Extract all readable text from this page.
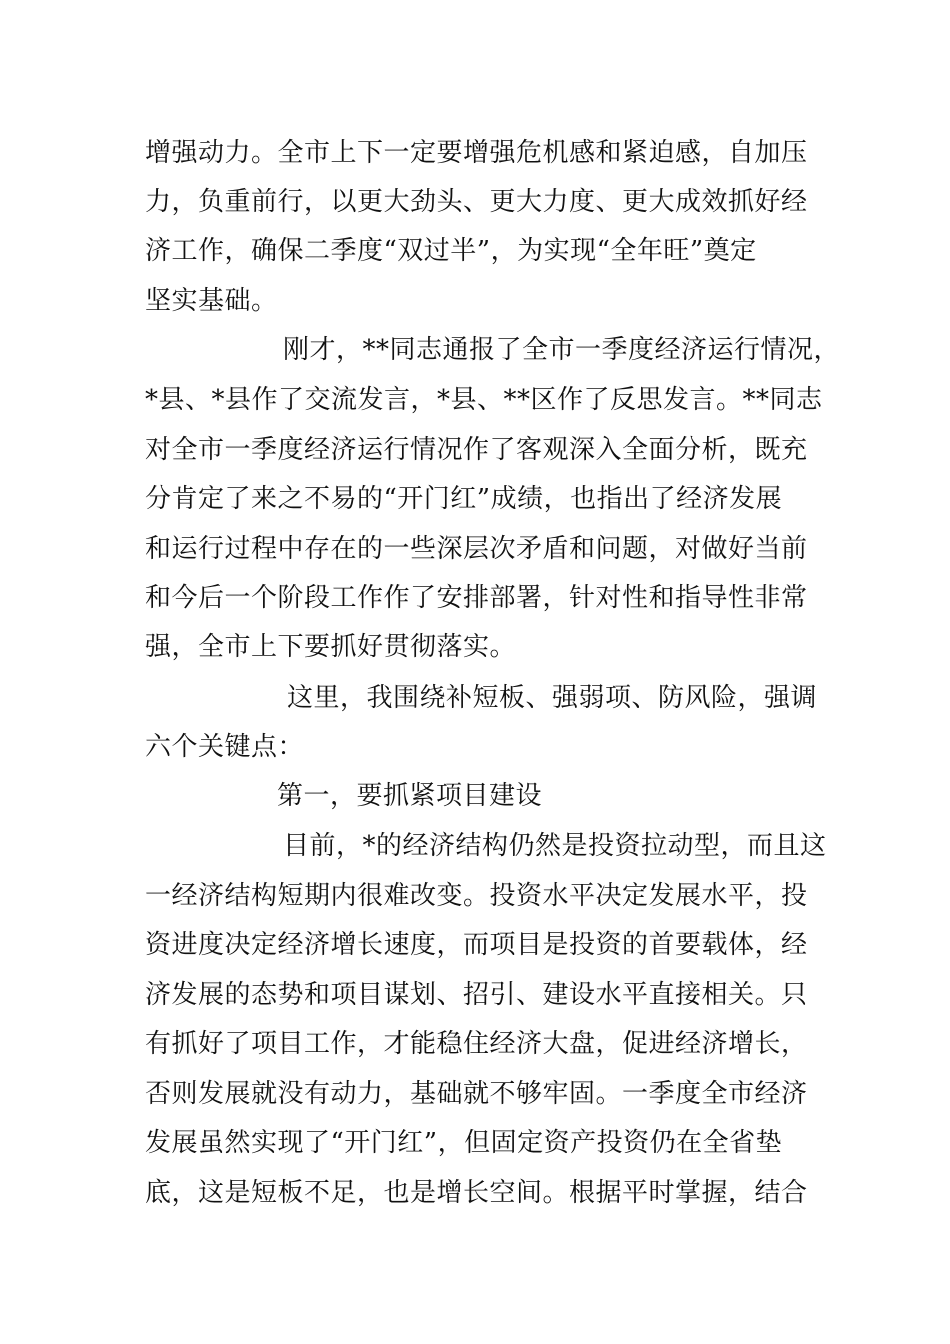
增强动力。全市上下一定要增强危机感和紧迫感，自加压
力，负重前行，以更大劲头、更大力度、更大成效抓好经
济工作，确保二季度“双过半”，为实现“全年旺”奠定
坚实基础。
刚才，**同志通报了全市一季度经济运行情况，
*县、*县作了交流发言，*县、**区作了反思发言。**同志
对全市一季度经济运行情况作了客观深入全面分析，既充
分肯定了来之不易的“开门红”成绩，也指出了经济发展
和运行过程中存在的一些深层次矛盾和问题，对做好当前
和今后一个阶段工作作了安排部署，针对性和指导性非常
强，全市上下要抓好贯彻落实。
这里，我围绕补短板、强弱项、防风险，强调
六个关键点：
第一，要抓紧项目建设
目前，*的经济结构仍然是投资拉动型，而且这
一经济结构短期内很难改变。投资水平决定发展水平，投
资进度决定经济增长速度，而项目是投资的首要载体，经
济发展的态势和项目谋划、招引、建设水平直接相关。只
有抓好了项目工作，才能稳住经济大盘，促进经济增长，
否则发展就没有动力，基础就不够牢固。一季度全市经济
发展虽然实现了“开门红”，但固定资产投资仍在全省垫
底，这是短板不足，也是增长空间。根据平时掌握，结合
